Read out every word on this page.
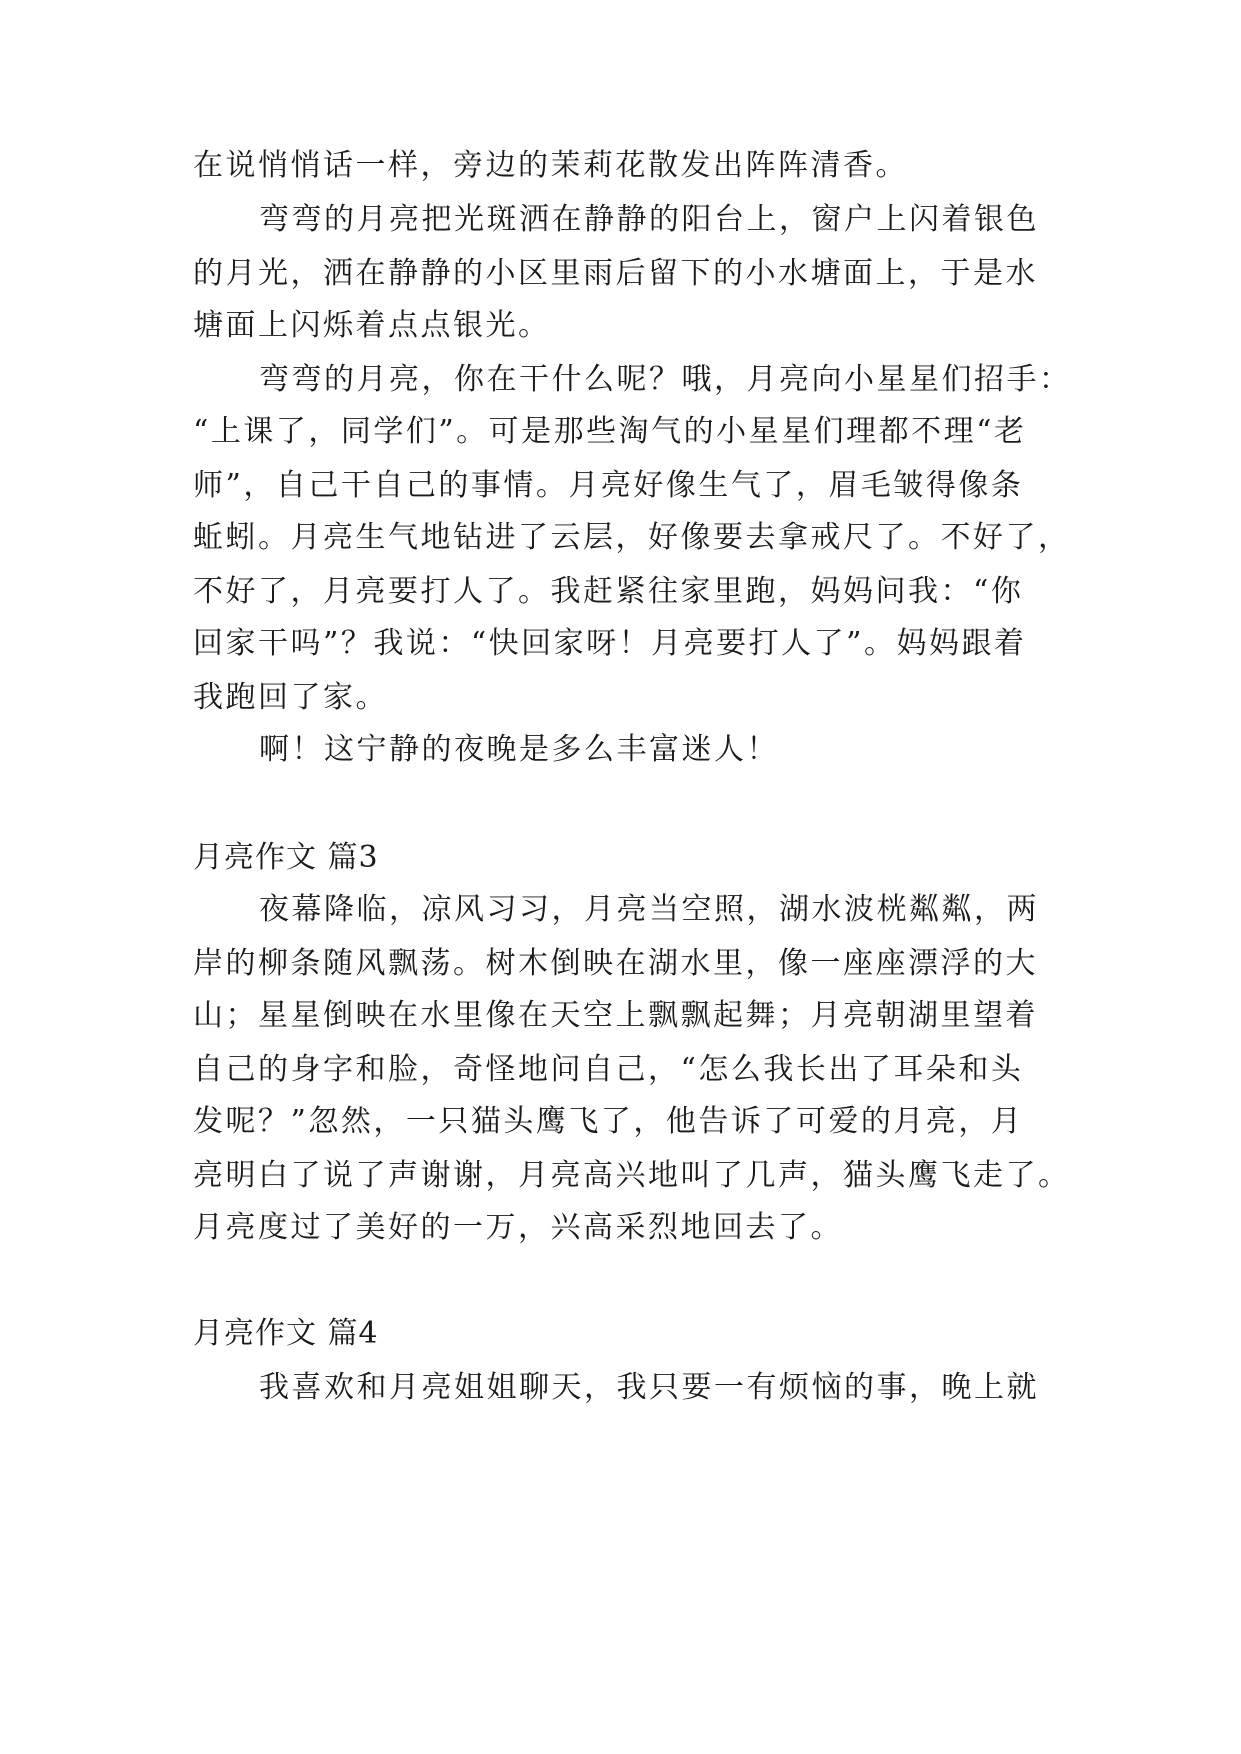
在说悄悄话一样，旁边的茉莉花散发出阵阵清香。
弯弯的月亮把光斑洒在静静的阳台上，窗户上闪着银色
的月光，洒在静静的小区里雨后留下的小水塘面上，于是水
塘面上闪烁着点点银光。
弯弯的月亮，你在干什么呢？哦，月亮向小星星们招手：
“上课了，同学们”。可是那些淘气的小星星们理都不理“老
师”，自己干自己的事情。月亮好像生气了，眉毛皱得像条
蚯蚓。月亮生气地钻进了云层，好像要去拿戒尺了。不好了，
不好了，月亮要打人了。我赶紧往家里跑，妈妈问我：“你
回家干吗”？我说：“快回家呀！月亮要打人了”。妈妈跟着
我跑回了家。
啊！这宁静的夜晚是多么丰富迷人！
月亮作文 篇3
夜幕降临，凉风习习，月亮当空照，湖水波桄粼粼，两
岸的柳条随风飘荡。树木倒映在湖水里，像一座座漂浮的大
山；星星倒映在水里像在天空上飘飘起舞；月亮朝湖里望着
自己的身字和脸，奇怪地问自己，“怎么我长出了耳朵和头
发呢？”忽然，一只猫头鹰飞了，他告诉了可爱的月亮，月
亮明白了说了声谢谢，月亮高兴地叫了几声，猫头鹰飞走了。
月亮度过了美好的一万，兴高采烈地回去了。
月亮作文 篇4
我喜欢和月亮姐姐聊天，我只要一有烦恼的事，晚上就
